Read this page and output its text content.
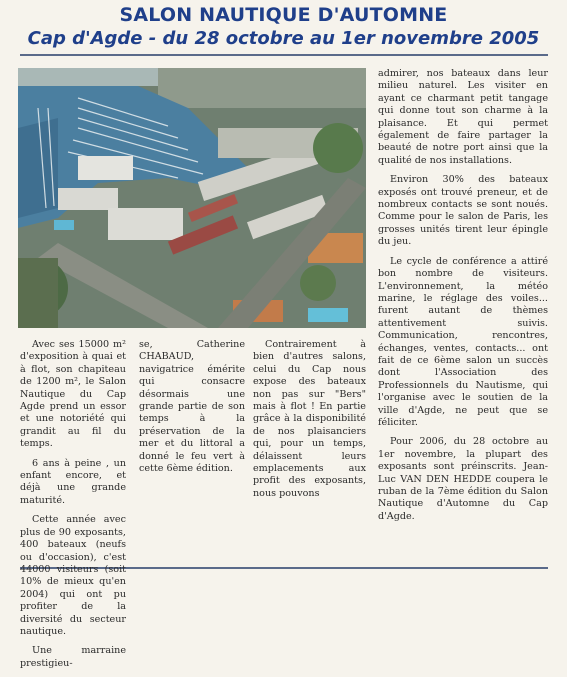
SALON NAUTIQUE D'AUTOMNE
Cap d'Agde - du 28 octobre au 1er novembre 2005

Avec ses 15000 m² d'exposition à quai et à flot, son chapiteau de 1200 m², le Salon Nautique du Cap Agde prend un essor et une notoriété qui grandit au fil du temps.

6 ans à peine , un enfant encore, et déjà une grande maturité.

Cette année avec plus de 90 exposants, 400 bateaux (neufs ou d'occasion), c'est 44000 visiteurs (soit 10% de mieux qu'en 2004) qui ont pu profiter de la diversité du secteur nautique.

Une marraine prestigieu-

se, Catherine CHABAUD, navigatrice émérite qui consacre désormais une grande partie de son temps à la préservation de la mer et du littoral a donné le feu vert à cette 6ème édition.

Contrairement à bien d'autres salons, celui du Cap nous expose des bateaux non pas sur "Bers" mais à flot ! En partie grâce à la disponibilité de nos plaisanciers qui, pour un temps, délaissent leurs emplacements aux profit des exposants, nous pouvons

admirer, nos bateaux dans leur milieu naturel. Les visiter en ayant ce charmant petit tangage qui donne tout son charme à la plaisance. Et qui permet également de faire partager la beauté de notre port ainsi que la qualité de nos installations.

Environ 30% des bateaux exposés ont trouvé preneur, et de nombreux contacts se sont noués. Comme pour le salon de Paris, les grosses unités tirent leur épingle du jeu.

Le cycle de conférence a attiré bon nombre de visiteurs. L'environnement, la météo marine, le réglage des voiles... furent autant de thèmes attentivement suivis. Communication, rencontres, échanges, ventes, contacts... ont fait de ce 6ème salon un succès dont l'Association des Professionnels du Nautisme, qui l'organise avec le soutien de la ville d'Agde, ne peut que se féliciter.

Pour 2006, du 28 octobre au 1er novembre, la plupart des exposants sont préinscrits. Jean-Luc VAN DEN HEDDE coupera le ruban de la 7ème édition du Salon Nautique d'Automne du Cap d'Agde.
